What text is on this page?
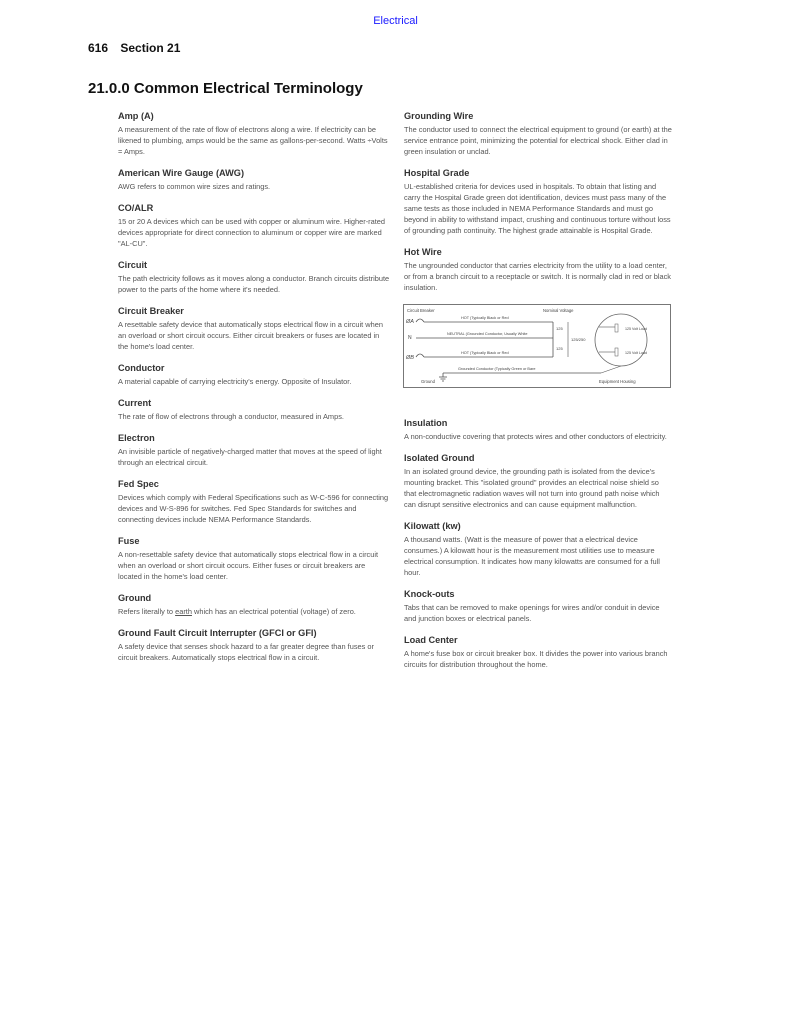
Electrical
616 Section 21
21.0.0 Common Electrical Terminology
Amp (A)

A measurement of the rate of flow of electrons along a wire. If electricity can be likened to plumbing, amps would be the same as gallons-per-second. Watts ÷Volts = Amps.

American Wire Gauge (AWG)

AWG refers to common wire sizes and ratings.

CO/ALR

15 or 20 A devices which can be used with copper or aluminum wire. Higher-rated devices appropriate for direct connection to aluminum or copper wire are marked "AL-CU".

Circuit

The path electricity follows as it moves along a conductor. Branch circuits distribute power to the parts of the home where it's needed.

Circuit Breaker

A resettable safety device that automatically stops electrical flow in a circuit when an overload or short circuit occurs. Either circuit breakers or fuses are located in the home's load center.

Conductor

A material capable of carrying electricity's energy. Opposite of Insulator.

Current

The rate of flow of electrons through a conductor, measured in Amps.

Electron

An invisible particle of negatively-charged matter that moves at the speed of light through an electrical circuit.

Fed Spec

Devices which comply with Federal Specifications such as W-C-596 for connecting devices and W-S-896 for switches. Fed Spec Standards for switches and connecting devices include NEMA Performance Standards.

Fuse

A non-resettable safety device that automatically stops electrical flow in a circuit when an overload or short circuit occurs. Either fuses or circuit breakers are located in the home's load center.

Ground

Refers literally to earth which has an electrical potential (voltage) of zero.

Ground Fault Circuit Interrupter (GFCI or GFI)

A safety device that senses shock hazard to a far greater degree than fuses or circuit breakers. Automatically stops electrical flow in a circuit.

Grounding Wire

The conductor used to connect the electrical equipment to ground (or earth) at the service entrance point, minimizing the potential for electrical shock. Either clad in green insulation or unclad.

Hospital Grade

UL-established criteria for devices used in hospitals. To obtain that listing and carry the Hospital Grade green dot identification, devices must pass many of the same tests as those included in NEMA Performance Standards and must go beyond in ability to withstand impact, crushing and continuous torture without loss of grounding path continuity. The highest grade attainable is Hospital Grade.

Hot Wire

The ungrounded conductor that carries electricity from the utility to a load center, or from a branch circuit to a receptacle or switch. It is normally clad in red or black insulation.

Circuit Breaker	Nominal Voltage
ØA
HOT (Typically Black or Red
N
NEUTRAL (Grounded Conductor, Usually White
ØB
HOT (Typically Black or Red
Ground
Grounded Conductor (Typically Green or Bare
125
125/250
125
125 Volt Load
125 Volt Load
Equipment Housing
Insulation

A non-conductive covering that protects wires and other conductors of electricity.

Isolated Ground

In an isolated ground device, the grounding path is isolated from the device's mounting bracket. This "isolated ground" provides an electrical noise shield so that electromagnetic radiation waves will not turn into ground path noise which can disrupt sensitive electronics and can cause equipment malfunction.

Kilowatt (kw)

A thousand watts. (Watt is the measure of power that a electrical device consumes.) A kilowatt hour is the measurement most utilities use to measure electrical consumption. It indicates how many kilowatts are consumed for a full hour.

Knock-outs

Tabs that can be removed to make openings for wires and/or conduit in device and junction boxes or electrical panels.

Load Center

A home's fuse box or circuit breaker box. It divides the power into various branch circuits for distribution throughout the home.
